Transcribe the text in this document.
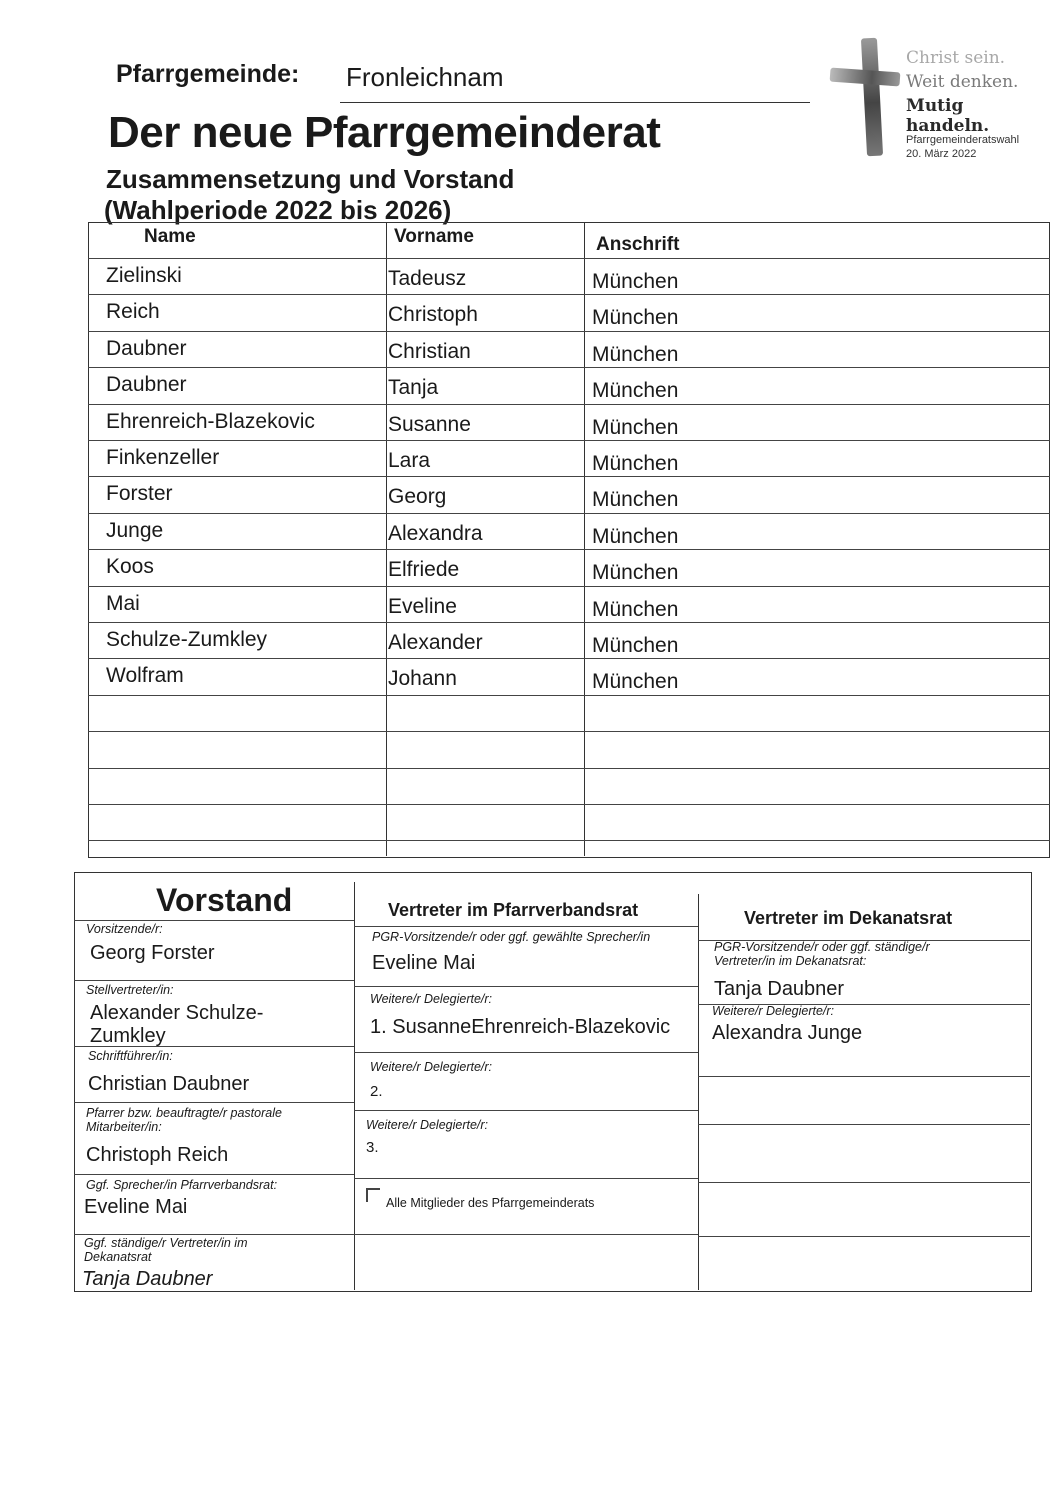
Pfarrgemeinde: Fronleichnam
Der neue Pfarrgemeinderat
Zusammensetzung und Vorstand
(Wahlperiode 2022 bis 2026)
Christ sein.
Weit denken.
Mutig handeln.
Pfarrgemeinderatswahl
20. März 2022
Name	Vorname	Anschrift
Zielinski	Tadeusz	München
Reich	Christoph	München
Daubner	Christian	München
Daubner	Tanja	München
Ehrenreich-Blazekovic	Susanne	München
Finkenzeller	Lara	München
Forster	Georg	München
Junge	Alexandra	München
Koos	Elfriede	München
Mai	Eveline	München
Schulze-Zumkley	Alexander	München
Wolfram	Johann	München
Vorstand	Vertreter im Pfarrverbandsrat	Vertreter im Dekanatsrat
Vorsitzende/r:
Georg Forster
Stellvertreter/in:
Alexander Schulze-
Zumkley
Schriftführer/in:
Christian Daubner
Pfarrer bzw. beauftragte/r pastorale
Mitarbeiter/in:
Christoph Reich
Ggf. Sprecher/in Pfarrverbandsrat:
Eveline Mai
Ggf. ständige/r Vertreter/in im
Dekanatsrat
Tanja Daubner
PGR-Vorsitzende/r oder ggf. gewählte Sprecher/in
Eveline Mai
Weitere/r Delegierte/r:
1. SusanneEhrenreich-Blazekovic
Weitere/r Delegierte/r:
2.
Weitere/r Delegierte/r:
3.
Alle Mitglieder des Pfarrgemeinderats
PGR-Vorsitzende/r oder ggf. ständige/r
Vertreter/in im Dekanatsrat:
Tanja Daubner
Weitere/r Delegierte/r:
Alexandra Junge
